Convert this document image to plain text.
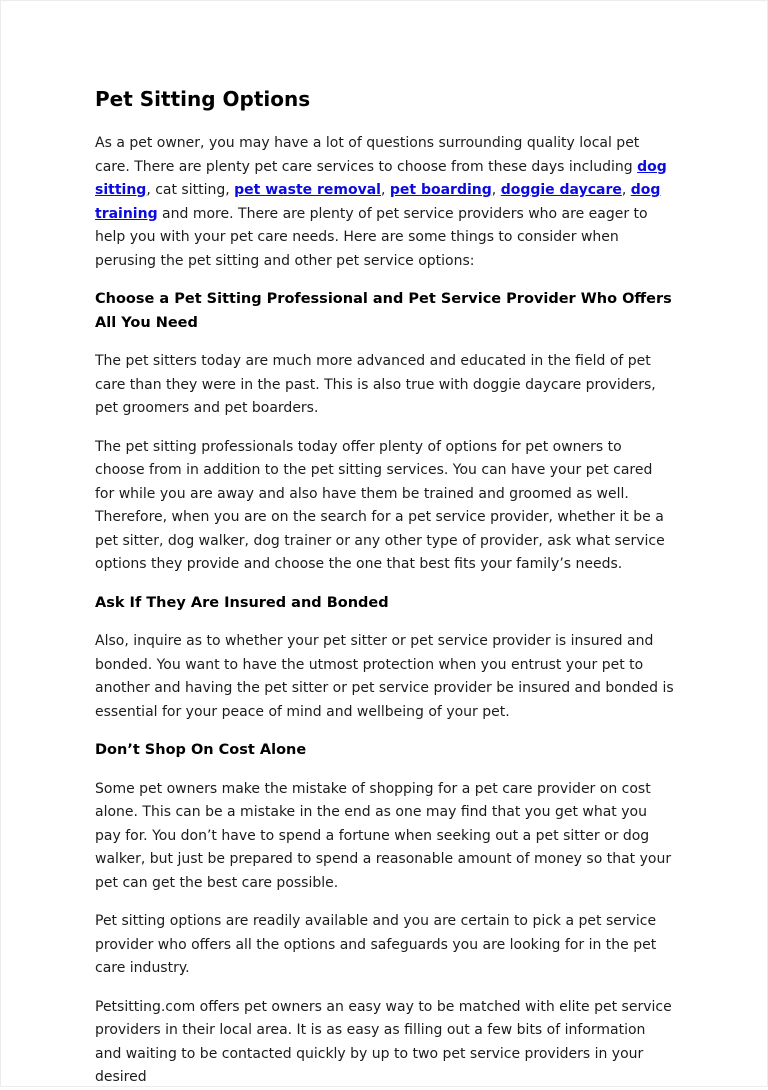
Pet Sitting Options

As a pet owner, you may have a lot of questions surrounding quality local pet care. There are plenty pet care services to choose from these days including dog sitting, cat sitting, pet waste removal, pet boarding, doggie daycare, dog training and more. There are plenty of pet service providers who are eager to help you with your pet care needs. Here are some things to consider when perusing the pet sitting and other pet service options:

Choose a Pet Sitting Professional and Pet Service Provider Who Offers All You Need

The pet sitters today are much more advanced and educated in the field of pet care than they were in the past. This is also true with doggie daycare providers, pet groomers and pet boarders.

The pet sitting professionals today offer plenty of options for pet owners to choose from in addition to the pet sitting services. You can have your pet cared for while you are away and also have them be trained and groomed as well. Therefore, when you are on the search for a pet service provider, whether it be a pet sitter, dog walker, dog trainer or any other type of provider, ask what service options they provide and choose the one that best fits your family’s needs.

Ask If They Are Insured and Bonded

Also, inquire as to whether your pet sitter or pet service provider is insured and bonded. You want to have the utmost protection when you entrust your pet to another and having the pet sitter or pet service provider be insured and bonded is essential for your peace of mind and wellbeing of your pet.

Don’t Shop On Cost Alone

Some pet owners make the mistake of shopping for a pet care provider on cost alone. This can be a mistake in the end as one may find that you get what you pay for. You don’t have to spend a fortune when seeking out a pet sitter or dog walker, but just be prepared to spend a reasonable amount of money so that your pet can get the best care possible.

Pet sitting options are readily available and you are certain to pick a pet service provider who offers all the options and safeguards you are looking for in the pet care industry.

Petsitting.com offers pet owners an easy way to be matched with elite pet service providers in their local area. It is as easy as filling out a few bits of information and waiting to be contacted quickly by up to two pet service providers in your desired
